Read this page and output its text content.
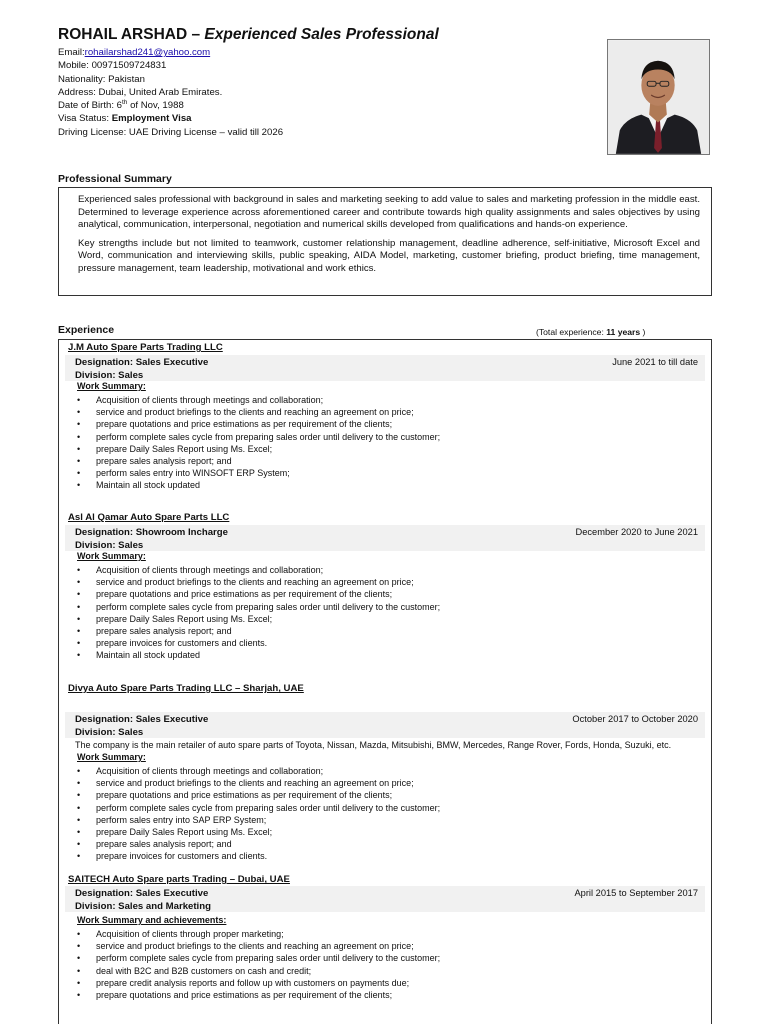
ROHAIL ARSHAD – Experienced Sales Professional
Email:rohailarshad241@yahoo.com
Mobile: 00971509724831
Nationality: Pakistan
Address: Dubai, United Arab Emirates.
Date of Birth: 6th of Nov, 1988
Visa Status: Employment Visa
Driving License: UAE Driving License – valid till 2026
Professional Summary

Experienced sales professional with background in sales and marketing seeking to add value to sales and marketing profession in the middle east. Determined to leverage experience across aforementioned career and contribute towards high quality assignments and sales objectives by using analytical, communication, interpersonal, negotiation and numerical skills developed from qualifications and hands-on experience.

Key strengths include but not limited to teamwork, customer relationship management, deadline adherence, self-initiative, Microsoft Excel and Word, communication and interviewing skills, public speaking, AIDA Model, marketing, customer briefing, product briefing, time management, pressure management, team leadership, motivational and work ethics.

Experience	(Total experience: 11 years )
J.M Auto Spare Parts Trading LLC
Designation: Sales Executive
Division: Sales
June 2021 to till date
Work Summary:
• Acquisition of clients through meetings and collaboration;
• service and product briefings to the clients and reaching an agreement on price;
• prepare quotations and price estimations as per requirement of the clients;
• perform complete sales cycle from preparing sales order until delivery to the customer;
• prepare Daily Sales Report using Ms. Excel;
• prepare sales analysis report; and
• perform sales entry into WINSOFT ERP System;
• Maintain all stock updated
Asl Al Qamar Auto Spare Parts LLC
Designation: Showroom Incharge
Division: Sales
December 2020 to June 2021
Work Summary:
• Acquisition of clients through meetings and collaboration;
• service and product briefings to the clients and reaching an agreement on price;
• prepare quotations and price estimations as per requirement of the clients;
• perform complete sales cycle from preparing sales order until delivery to the customer;
• prepare Daily Sales Report using Ms. Excel;
• prepare sales analysis report; and
• prepare invoices for customers and clients.
• Maintain all stock updated
Divya Auto Spare Parts Trading LLC – Sharjah, UAE
Designation: Sales Executive
Division: Sales
October 2017 to October 2020
The company is the main retailer of auto spare parts of Toyota, Nissan, Mazda, Mitsubishi, BMW, Mercedes, Range Rover, Fords, Honda, Suzuki, etc.
Work Summary:
• Acquisition of clients through meetings and collaboration;
• service and product briefings to the clients and reaching an agreement on price;
• prepare quotations and price estimations as per requirement of the clients;
• perform complete sales cycle from preparing sales order until delivery to the customer;
• perform sales entry into SAP ERP System;
• prepare Daily Sales Report using Ms. Excel;
• prepare sales analysis report; and
• prepare invoices for customers and clients.
SAITECH Auto Spare parts Trading – Dubai, UAE
Designation: Sales Executive
Division: Sales and Marketing
April 2015 to September 2017
Work Summary and achievements:
• Acquisition of clients through proper marketing;
• service and product briefings to the clients and reaching an agreement on price;
• perform complete sales cycle from preparing sales order until delivery to the customer;
• deal with B2C and B2B customers on cash and credit;
• prepare credit analysis reports and follow up with customers on payments due;
• prepare quotations and price estimations as per requirement of the clients;
